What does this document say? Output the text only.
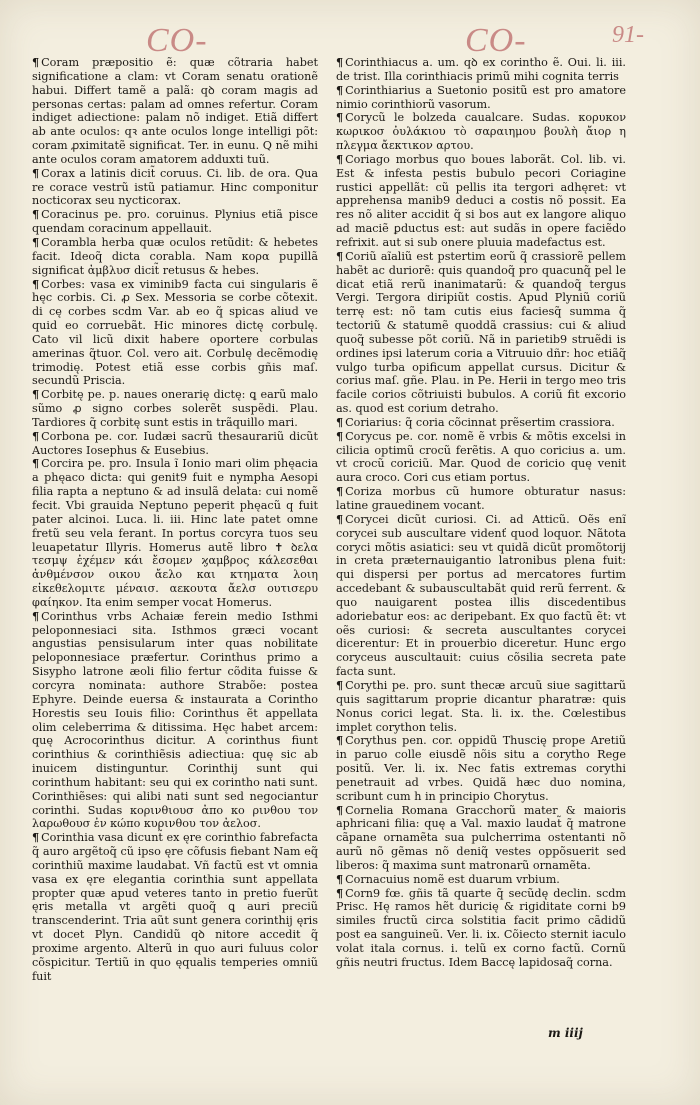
CO-	CO-	91-

¶ Coram præpositio ẽ: quæ cõtraria habet significatione a clam: vt Coram senatu orationẽ habui. Differt tamẽ a palã: qꝺ coram magis ad personas certas: palam ad omnes refertur. Coram indiget adiectione: palam nõ indiget. Etiã differt ab ante oculos: qꝛ ante oculos longe intelligi põt: coram ꝓximitatẽ significat. Ter. in eunu. Q nẽ mihi ante oculos coram amatorem adduxti tuũ.

¶ Corax a latinis dicit̃ coruus. Ci. lib. de ora. Qua re corace vestrũ istũ patiamur. Hinc componitur nocticorax seu nycticorax.

¶ Coracinus pe. pro. coruinus. Plynius etiã pisce quendam coracinum appellauit.

¶ Corambla herba quæ oculos retũdit: & hebetes facit. Ideoq̃ dicta corabla. Nam κορα pupillã significat ἀμβλυσ dicit̃ retusus & hebes.

¶ Corbes: vasa ex viminib9 facta cui singularis ẽ hęc corbis. Ci. ꝓ Sex. Messoria se corbe cõtexit. di cę corbes scdm Var. ab eo q̃ spicas aliud ve quid eo corruebãt. Hic minores dictę corbulę. Cato vil licũ dixit habere oportere corbulas amerinas q̃tuor. Col. vero ait. Corbulę decẽmodię trimodię. Potest etiã esse corbis gñis maſ. secundũ Priscia.

¶ Corbitę pe. p. naues onerarię dictę: ꝗ earũ malo sũmo ꝓ signo corbes solerẽt suspẽdi. Plau. Tardiores q̃ corbitę sunt estis in trãquillo mari.

¶ Corbona pe. cor. Iudæi sacrũ thesaurariũ dicũt Auctores Iosephus & Eusebius.

¶ Corcira pe. pro. Insula ĩ Ionio mari olim phęacia a phęaco dicta: qui genit9 fuit e nympha Aesopi filia rapta a neptuno & ad insulã delata: cui nomẽ fecit. Vbi grauida Neptuno peperit phęacũ q fuit pater alcinoi. Luca. li. iii. Hinc late patet omne fretũ seu vela ferant. In portus corcyra tuos seu leuapetatur Illyris. Homerus autẽ libro ✝ ꝺελα τεσμψ ἐχέμεν κάι ἔσομεν ϗαμβρος κάλεσεθαι ἀνθμένσον οικου ἄελο και κτηματα λοιη εἰκεθελομιτε μέναισ. αεκουτα ἄελσ ουτισερυ φαίηκον. Ita enim semper vocat Homerus.

¶ Corinthus vrbs Achaiæ ferein medio Isthmi peloponnesiaci sita. Isthmos græci vocant angustias pensisularum inter quas nobilitate peloponnesiace præfertur. Corinthus primo a Sisypho latrone æoli filio fertur cõdita fuisse & corcyra nominata: authore Strabõe: postea Ephyre. Deinde euersa & instaurata a Corintho Horestis seu Iouis filio: Corinthus ẽt appellata olim celeberrima & ditissima. Hęc habet arcem: quę Acrocorinthus dicitur. A corinthus fiunt corinthius & corinthiẽsis adiectiua: quę sic ab inuicem distinguntur. Corinthij sunt qui corinthum habitant: seu qui ex corintho nati sunt. Corinthiẽses: qui alibi nati sunt sed negociantur corinthi. Sudas κορινθιουσ ἀπο κο ρινθου τον λαρωθουσ ἐν κώπο κυρινθου τον ἀελοσ.

¶ Corinthia vasa dicunt̃ ex ęre corinthio fabrefacta q̃ auro argẽtoq̃ cũ ipso ęre cõfusis fiebant Nam eq̃ corinthiũ maxime laudabat. Vñ factũ est vt omnia vasa ex ęre elegantia corinthia sunt appellata propter quæ apud veteres tanto in pretio fuerũt ęris metalla vt argẽti quoq̃ ꝗ auri preciũ transcenderint. Tria aũt sunt genera corinthij ęris vt docet Plyn. Candidũ qꝺ nitore accedit q̃ proxime argento. Alterũ in quo auri fuluus color cõspicitur. Tertiũ in quo ęqualis temperies omniũ fuit

¶ Corinthiacus a. um. qꝺ ex corintho ẽ. Oui. li. iii. de trist. Illa corinthiacis primũ mihi cognita terris

¶ Corinthiarius a Suetonio positũ est pro amatore nimio corinthiorũ vasorum.

¶ Corycũ le bolzeda caualcare. Sudas. κορυκον κωρικοσ ὀυλάκιου τὸ σαραιημου βουλὴ ἄιορ η πλεγμα ἄεκτικον αρτου.

¶ Coriago morbus quo boues laborãt. Col. lib. vi. Est & infesta pestis bubulo pecori Coriagine rustici appellãt: cũ pellis ita tergori adhęret: vt apprehensa manib9 deduci a costis nõ possit. Ea res nõ aliter accidit q̃ si bos aut ex langore aliquo ad maciẽ ꝑductus est: aut sudãs in opere faciẽdo refrixit. aut si sub onere pluuia madefactus est.

¶ Coriũ aĩaliũ est pstertim eorũ q̃ crassiorẽ pellem habẽt ac duriorẽ: quis quandoq̃ pro quacunq̃ pel le dicat etiã rerũ inanimatarũ: & quandoq̃ tergus Vergi. Tergora diripiũt costis. Apud Plyniũ coriũ terrę est: nõ tam cutis eius faciesq̃ summa q̃ tectoriũ & statumẽ quoddã crassius: cui & aliud quoq̃ subesse põt coriũ. Nã in parietib9 struẽdi is ordines ipsi laterum coria a Vitruuio dñr: hoc etiãq̃ vulgo turba opificum appellat cursus. Dicitur & corius maſ. gñe. Plau. in Pe. Herii in tergo meo tris facile corios cõtriuisti bubulos. A coriũ fit excorio as. quod est corium detraho.

¶ Coriarius: q̃ coria cõcinnat prẽsertim crassiora.

¶ Corycus pe. cor. nomẽ ẽ vrbis & mõtis excelsi in cilicia optimũ crocũ ferẽtis. A quo coricius a. um. vt crocũ coriciũ. Mar. Quod de coricio quę venit aura croco. Cori cus etiam portus.

¶ Coriza morbus cũ humore obturatur nasus: latine grauedinem vocant.

¶ Corycei dicũt curiosi. Ci. ad Atticũ. Oẽs enĩ corycei sub auscultare videnť quod loquor. Nãtota coryci mõtis asiatici: seu vt quidã dicũt promõtorij in creta præternauigantio latronibus plena fuit: qui dispersi per portus ad mercatores furtim accedebant & subauscultabãt quid rerũ ferrent. & quo nauigarent postea illis discedentibus adoriebatur eos: ac deripebant. Ex quo factũ ẽt: vt oẽs curiosi: & secreta auscultantes corycei dicerentur: Et in prouerbio diceretur. Hunc ergo coryceus auscultauit: cuius cõsilia secreta pate facta sunt.

¶ Corythi pe. pro. sunt thecæ arcuũ siue sagittarũ quis sagittarum proprie dicantur pharatræ: quis Nonus corici legat. Sta. li. ix. the. Cœlestibus implet corython telis.

¶ Corythus pen. cor. oppidũ Thuscię prope Aretiũ in paruo colle eiusdẽ nõis situ a corytho Rege positũ. Ver. li. ix. Nec fatis extremas corythi penetrauit ad vrbes. Quidã hæc duo nomina, scribunt cum h in principio Chorytus.

¶ Cornelia Romana Gracchorũ mater & maioris aphricani filia: quę a Val. maxio laudat̃ q̃ matrone cãpane ornamẽta sua pulcherrima ostentanti nõ aurũ nõ gẽmas nõ deniq̃ vestes oppõsuerit sed liberos: q̃ maxima sunt matronarũ ornamẽta.

¶ Cornacuius nomẽ est duarum vrbium.

¶ Corn9 fœ. gñis tã quarte q̃ secũdę declin. scdm Prisc. Hę ramos hẽt duricię & rigiditate corni b9 similes fructũ circa solstitia facit primo cãdidũ post ea sanguineũ. Ver. li. ix. Cõiecto sternit iaculo volat itala cornus. i. telũ ex corno factũ. Cornũ gñis neutri fructus. Idem Baccę lapidosaq̃ corna.

m iiij
